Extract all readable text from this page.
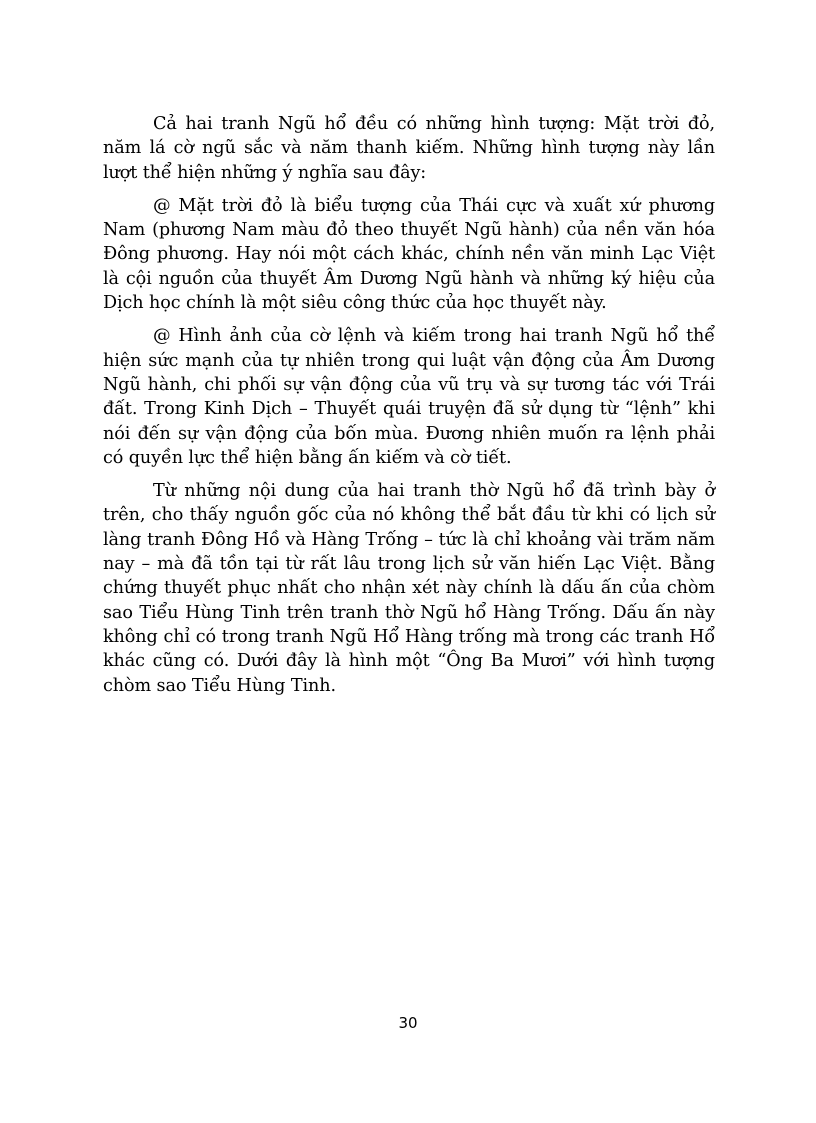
Cả hai tranh Ngũ hổ đều có những hình tượng: Mặt trời đỏ, năm lá cờ ngũ sắc và năm thanh kiếm. Những hình tượng này lần lượt thể hiện những ý nghĩa sau đây:

@ Mặt trời đỏ là biểu tượng của Thái cực và xuất xứ phương Nam (phương Nam màu đỏ theo thuyết Ngũ hành) của nền văn hóa Đông phương. Hay nói một cách khác, chính nền văn minh Lạc Việt là cội nguồn của thuyết Âm Dương Ngũ hành và những ký hiệu của Dịch học chính là một siêu công thức của học thuyết này.

@ Hình ảnh của cờ lệnh và kiếm trong hai tranh Ngũ hổ thể hiện sức mạnh của tự nhiên trong qui luật vận động của Âm Dương Ngũ hành, chi phối sự vận động của vũ trụ và sự tương tác với Trái đất. Trong Kinh Dịch – Thuyết quái truyện đã sử dụng từ “lệnh” khi nói đến sự vận động của bốn mùa. Đương nhiên muốn ra lệnh phải có quyền lực thể hiện bằng ấn kiếm và cờ tiết.

Từ những nội dung của hai tranh thờ Ngũ hổ đã trình bày ở trên, cho thấy nguồn gốc của nó không thể bắt đầu từ khi có lịch sử làng tranh Đông Hồ và Hàng Trống – tức là chỉ khoảng vài trăm năm nay – mà đã tồn tại từ rất lâu trong lịch sử văn hiến Lạc Việt. Bằng chứng thuyết phục nhất cho nhận xét này chính là dấu ấn của chòm sao Tiểu Hùng Tinh trên tranh thờ Ngũ hổ Hàng Trống. Dấu ấn này không chỉ có trong tranh Ngũ Hổ Hàng trống mà trong các tranh Hổ khác cũng có. Dưới đây là hình một “Ông Ba Mươi” với hình tượng chòm sao Tiểu Hùng Tinh.

30
